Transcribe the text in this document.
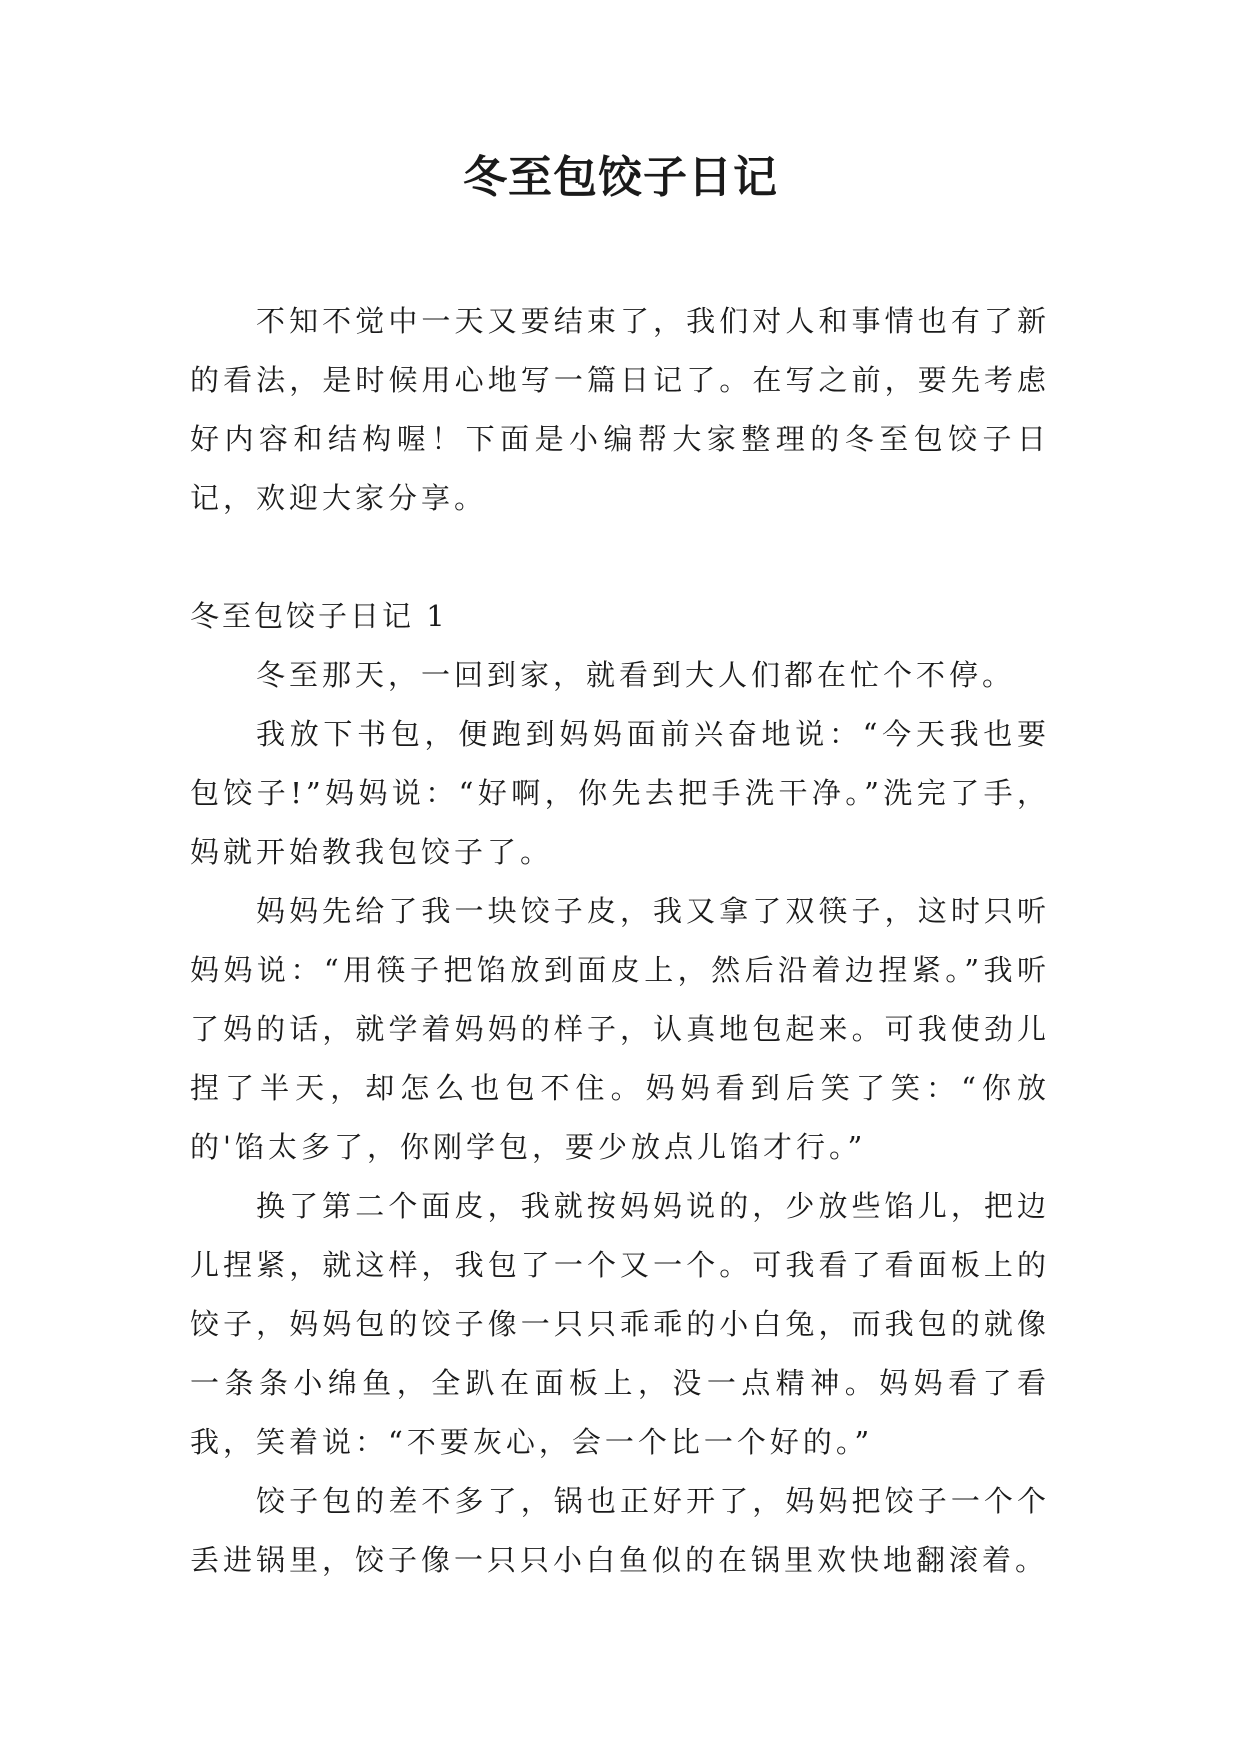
冬至包饺子日记

不知不觉中一天又要结束了，我们对人和事情也有了新的看法，是时候用心地写一篇日记了。在写之前，要先考虑好内容和结构喔！下面是小编帮大家整理的冬至包饺子日记，欢迎大家分享。

冬至包饺子日记 1

冬至那天，一回到家，就看到大人们都在忙个不停。

我放下书包，便跑到妈妈面前兴奋地说：“今天我也要包饺子!”妈妈说：“好啊，你先去把手洗干净。”洗完了手，妈就开始教我包饺子了。

妈妈先给了我一块饺子皮，我又拿了双筷子，这时只听妈妈说：“用筷子把馅放到面皮上，然后沿着边捏紧。”我听了妈的话，就学着妈妈的样子，认真地包起来。可我使劲儿捏了半天，却怎么也包不住。妈妈看到后笑了笑：“你放的'馅太多了，你刚学包，要少放点儿馅才行。”

换了第二个面皮，我就按妈妈说的，少放些馅儿，把边儿捏紧，就这样，我包了一个又一个。可我看了看面板上的饺子，妈妈包的饺子像一只只乖乖的小白兔，而我包的就像一条条小绵鱼，全趴在面板上，没一点精神。妈妈看了看我，笑着说：“不要灰心，会一个比一个好的。”

饺子包的差不多了，锅也正好开了，妈妈把饺子一个个丢进锅里，饺子像一只只小白鱼似的在锅里欢快地翻滚着。
